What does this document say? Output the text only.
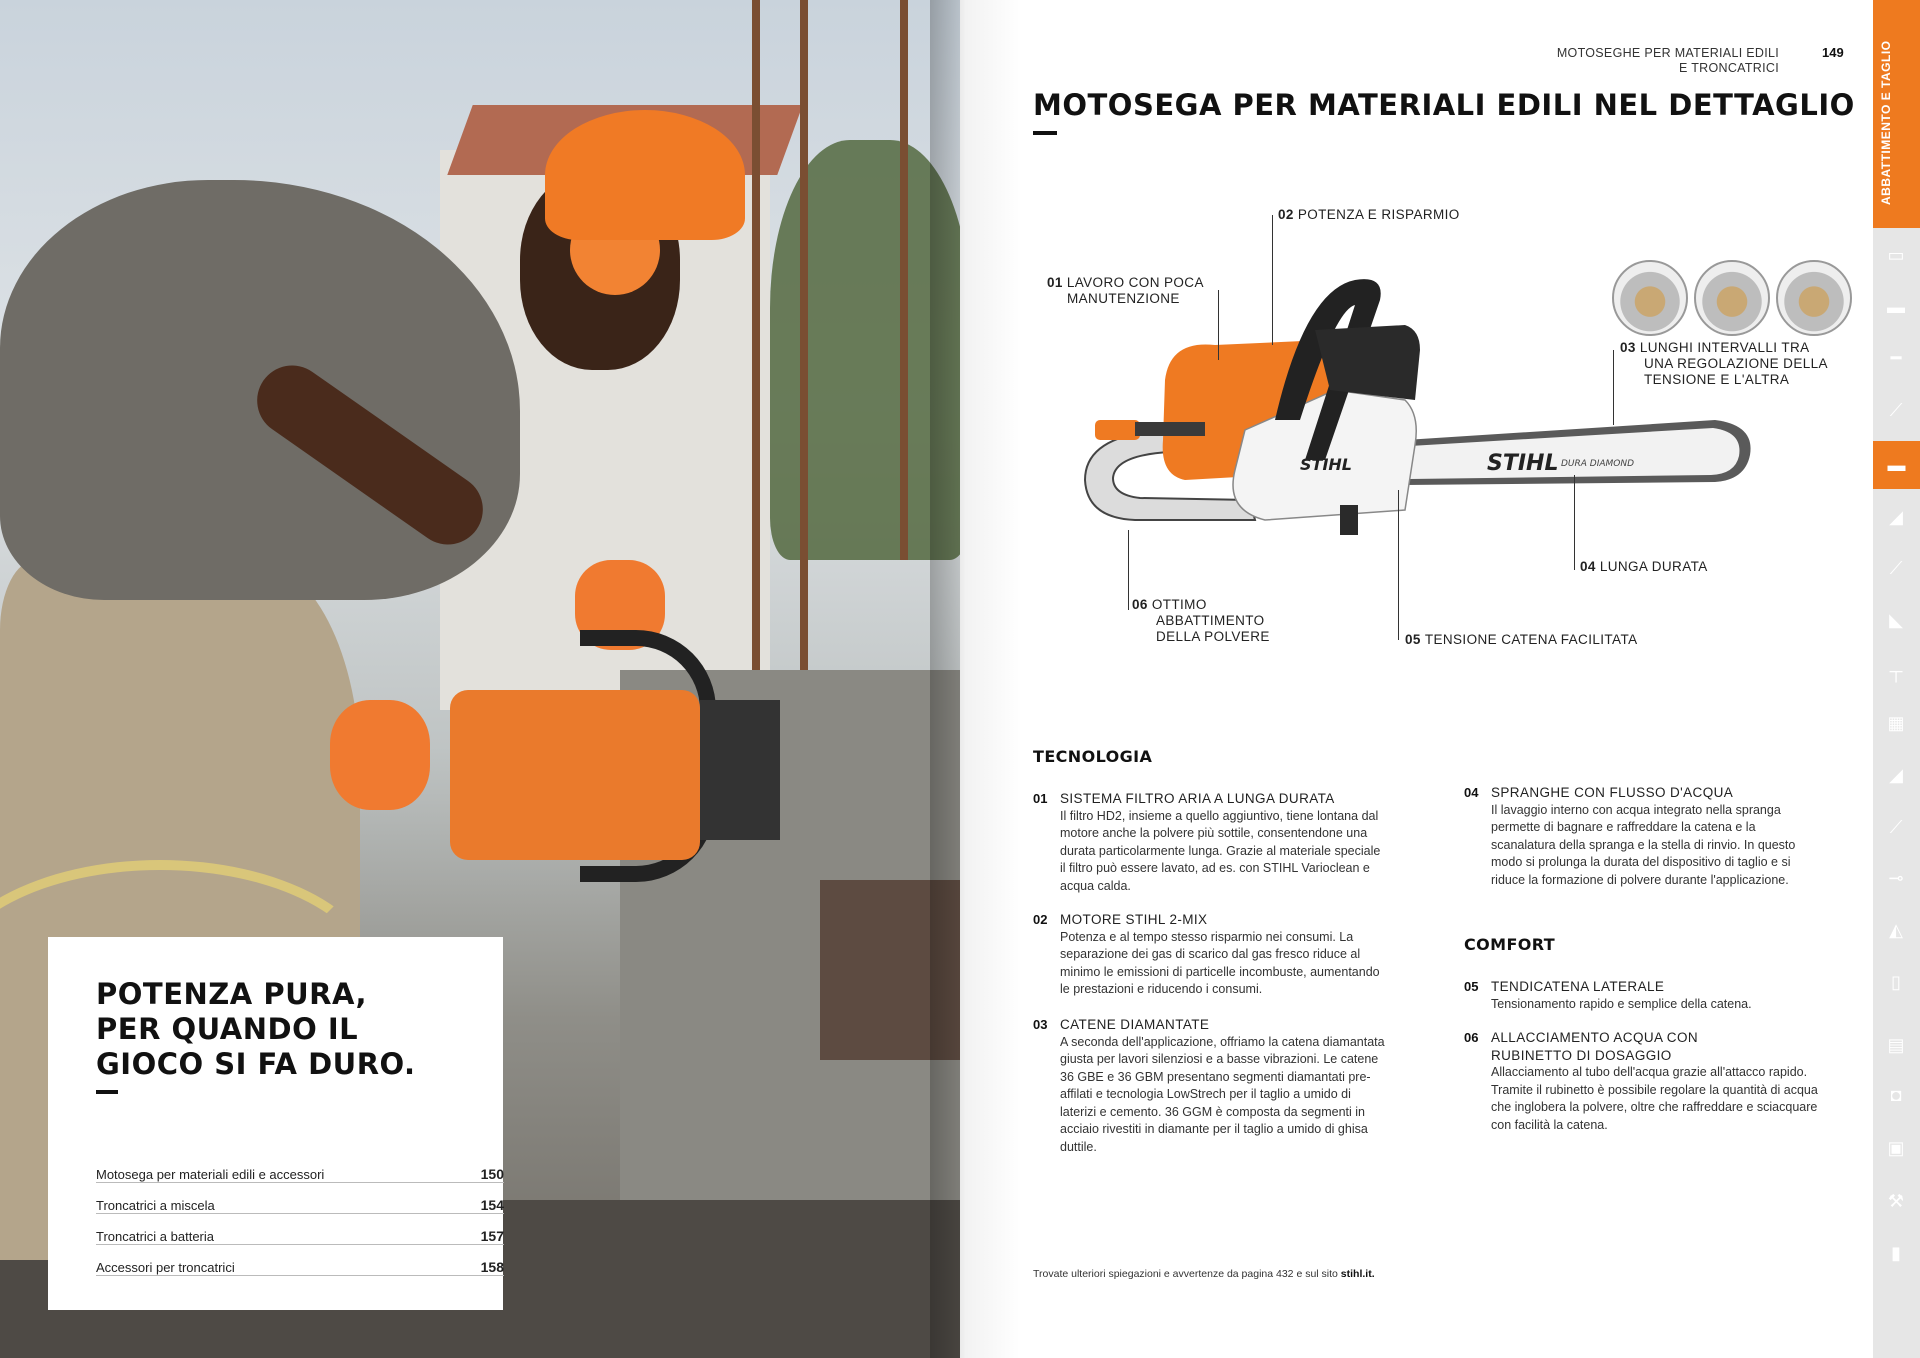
POTENZA PURA,
PER QUANDO IL
GIOCO SI FA DURO.
Motosega per materiali edili e accessori	150
Troncatrici a miscela	154
Troncatrici a batteria	157
Accessori per troncatrici	158
MOTOSEGHE PER MATERIALI EDILI
E TRONCATRICI
149
MOTOSEGA PER MATERIALI EDILI NEL DETTAGLIO
STIHL DURA DIAMOND
STIHL
01 LAVORO CON POCA
MANUTENZIONE
02 POTENZA E RISPARMIO
03 LUNGHI INTERVALLI TRA
UNA REGOLAZIONE DELLA
TENSIONE E L'ALTRA
04 LUNGA DURATA
05 TENSIONE CATENA FACILITATA
06 OTTIMO
ABBATTIMENTO
DELLA POLVERE
TECNOLOGIA
01 SISTEMA FILTRO ARIA A LUNGA DURATA
Il filtro HD2, insieme a quello aggiuntivo, tiene lontana dal motore anche la polvere più sottile, consentendone una durata particolarmente lunga. Grazie al materiale speciale il filtro può essere lavato, ad es. con STIHL Varioclean e acqua calda.
02 MOTORE STIHL 2-MIX
Potenza e al tempo stesso risparmio nei consumi. La separazione dei gas di scarico dal gas fresco riduce al minimo le emissioni di particelle incombuste, aumentando le prestazioni e riducendo i consumi.
03 CATENE DIAMANTATE
A seconda dell'applicazione, offriamo la catena diamantata giusta per lavori silenziosi e a basse vibrazioni. Le catene 36 GBE e 36 GBM presentano segmenti diamantati pre-affilati e tecnologia LowStrech per il taglio a umido di laterizi e cemento. 36 GGM è composta da segmenti in acciaio rivestiti in diamante per il taglio a umido di ghisa duttile.
04 SPRANGHE CON FLUSSO D'ACQUA
Il lavaggio interno con acqua integrato nella spranga permette di bagnare e raffreddare la catena e la scanalatura della spranga e la stella di rinvio. In questo modo si prolunga la durata del dispositivo di taglio e si riduce la formazione di polvere durante l'applicazione.
COMFORT
05 TENDICATENA LATERALE
Tensionamento rapido e semplice della catena.
06 ALLACCIAMENTO ACQUA CON RUBINETTO DI DOSAGGIO
Allacciamento al tubo dell'acqua grazie all'attacco rapido. Tramite il rubinetto è possibile regolare la quantità di acqua che inglobera la polvere, oltre che raffreddare e sciacquare con facilità la catena.
Trovate ulteriori spiegazioni e avvertenze da pagina 432 e sul sito stihl.it.
ABBATTIMENTO E TAGLIO
▭
▬
━
⟋
▬
◢
⟋
◣
┬
▦
◢
⟋
⊸
◭
▯
▤
◘
▣
⚒
▮
